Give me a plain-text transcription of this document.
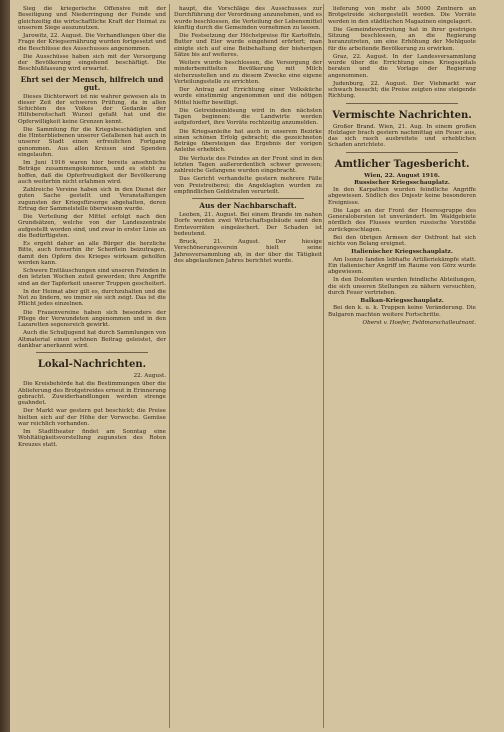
Sieg die kriegerische Offensive mit der Beseitigung und Niederringung der Feinde und gleichzeitig die wirtschaftliche Kraft der Heimat zu unserem Siege auszunutzen.

Jarowitz, 22. August. Die Verhandlungen über die Frage der Kriegsernährung wurden fortgesetzt und die Beschlüsse des Ausschusses angenommen.

Die Ausschüsse haben sich mit der Versorgung der Bevölkerung eingehend beschäftigt. Die Beschlußfassung wird erwartet.

Ehrt sei der Mensch, hilfreich und gut.

Dieses Dichterwort ist nie wahrer gewesen als in dieser Zeit der schweren Prüfung, da in allen Schichten des Volkes der Gedanke der Hilfsbereitschaft Wurzel gefaßt hat und die Opferwilligkeit keine Grenzen kennt.

Die Sammlung für die Kriegsbeschädigten und die Hinterbliebenen unserer Gefallenen hat auch in unserer Stadt einen erfreulichen Fortgang genommen. Aus allen Kreisen sind Spenden eingelaufen.

Im Juni 1916 waren hier bereits ansehnliche Beträge zusammengekommen, und es steht zu hoffen, daß die Opferfreudigkeit der Bevölkerung auch weiterhin nicht erlahmen wird.

Zahlreiche Vereine haben sich in den Dienst der guten Sache gestellt und Veranstaltungen zugunsten der Kriegsfürsorge abgehalten, deren Ertrag der Sammelstelle überwiesen wurde.

Die Verteilung der Mittel erfolgt nach den Grundsätzen, welche von der Landeszentrale aufgestellt worden sind, und zwar in erster Linie an die Bedürftigsten.

Es ergeht daher an alle Bürger die herzliche Bitte, auch fernerhin ihr Scherflein beizutragen, damit den Opfern des Krieges wirksam geholfen werden kann.

Schwere Enttäuschungen sind unseren Feinden in den letzten Wochen zuteil geworden; ihre Angriffe sind an der Tapferkeit unserer Truppen gescheitert.

In der Heimat aber gilt es, durchzuhalten und die Not zu lindern, wo immer sie sich zeigt. Das ist die Pflicht jedes einzelnen.

Die Frauenvereine haben sich besonders der Pflege der Verwundeten angenommen und in den Lazaretten segensreich gewirkt.

Auch die Schuljugend hat durch Sammlungen von Altmaterial einen schönen Beitrag geleistet, der dankbar anerkannt wird.

Lokal-Nachrichten.
22. August.

Die Kreisbehörde hat die Bestimmungen über die Ablieferung des Brotgetreides erneut in Erinnerung gebracht. Zuwiderhandlungen werden strenge geahndet.

Der Markt war gestern gut beschickt; die Preise hielten sich auf der Höhe der Vorwoche. Gemüse war reichlich vorhanden.

Im Stadttheater findet am Sonntag eine Wohltätigkeitsvorstellung zugunsten des Roten Kreuzes statt.

haupt, die Vorschläge des Ausschusses zur Durchführung der Verordnung anzunehmen, und es wurde beschlossen, die Verteilung der Lebensmittel künftig durch die Gemeinden vornehmen zu lassen.

Die Festsetzung der Höchstpreise für Kartoffeln, Butter und Eier wurde eingehend erörtert; man einigte sich auf eine Beibehaltung der bisherigen Sätze bis auf weiteres.

Weiters wurde beschlossen, die Versorgung der minderbemittelten Bevölkerung mit Milch sicherzustellen und zu diesem Zwecke eine eigene Verteilungsstelle zu errichten.

Der Antrag auf Errichtung einer Volksküche wurde einstimmig angenommen und die nötigen Mittel hiefür bewilligt.

Die Getreideeinlösung wird in den nächsten Tagen beginnen; die Landwirte werden aufgefordert, ihre Vorräte rechtzeitig anzumelden.

Die Kriegsanleihe hat auch in unserem Bezirke einen schönen Erfolg gebracht; die gezeichneten Beträge übersteigen das Ergebnis der vorigen Anleihe erheblich.

Die Verluste des Feindes an der Front sind in den letzten Tagen außerordentlich schwer gewesen; zahlreiche Gefangene wurden eingebracht.

Das Gericht verhandelte gestern mehrere Fälle von Preistreiberei; die Angeklagten wurden zu empfindlichen Geldstrafen verurteilt.

Aus der Nachbarschaft.

Leoben, 21. August. Bei einem Brande im nahen Dorfe wurden zwei Wirtschaftsgebäude samt den Erntevorräten eingeäschert. Der Schaden ist bedeutend.

Bruck, 21. August. Der hiesige Verschönerungsverein hielt seine Jahresversammlung ab, in der über die Tätigkeit des abgelaufenen Jahres berichtet wurde.

lieferung von mehr als 5000 Zentnern an Brotgetreide sichergestellt worden. Die Vorräte werden in den städtischen Magazinen eingelagert.

Die Gemeindevertretung hat in ihrer gestrigen Sitzung beschlossen, an die Regierung heranzutreten, um eine Erhöhung der Mehlquote für die arbeitende Bevölkerung zu erwirken.

Graz, 22. August. In der Landesversammlung wurde über die Errichtung eines Kriegsspitals beraten und die Vorlage der Regierung angenommen.

Judenburg, 22. August. Der Viehmarkt war schwach besucht; die Preise zeigten eine steigende Richtung.

Vermischte Nachrichten.

Großer Brand. Wien, 21. Aug. In einem großen Holzlager brach gestern nachmittag ein Feuer aus, das sich rasch ausbreitete und erheblichen Schaden anrichtete.

Amtlicher Tagesbericht.
Wien, 22. August 1916.
Russischer Kriegsschauplatz.

In den Karpathen wurden feindliche Angriffe abgewiesen. Südlich des Dnjestr keine besonderen Ereignisse.

Die Lage an der Front der Heeresgruppe des Generalobersten ist unverändert. Im Waldgebiete nördlich des Flusses wurden russische Vorstöße zurückgeschlagen.

Bei den übrigen Armeen der Ostfront hat sich nichts von Belang ereignet.

Italienischer Kriegsschauplatz.

Am Isonzo fanden lebhafte Artilleriekämpfe statt. Ein italienischer Angriff im Raume von Görz wurde abgewiesen.

In den Dolomiten wurden feindliche Abteilungen, die sich unseren Stellungen zu nähern versuchten, durch Feuer vertrieben.

Balkan-Kriegsschauplatz.

Bei den k. u. k. Truppen keine Veränderung. Die Bulgaren machten weitere Fortschritte.

Oberst v. Hoefer, Feldmarschalleutnant.
